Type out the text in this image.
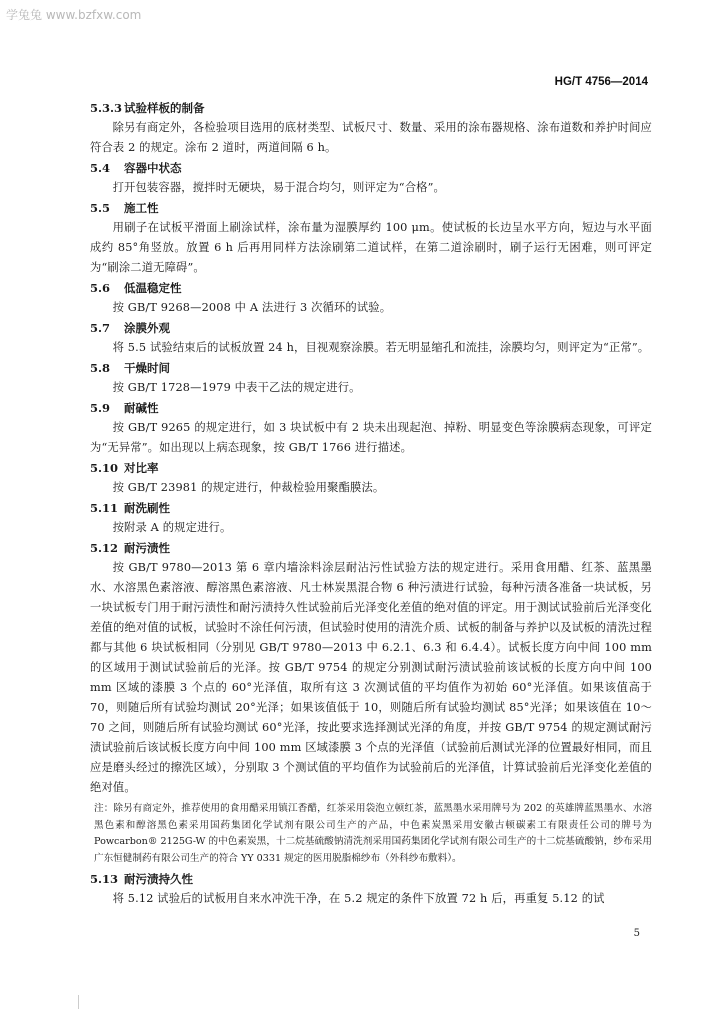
学兔兔 www.bzfxw.com
HG/T 4756—2014
5.3.3 试验样板的制备

除另有商定外，各检验项目选用的底材类型、试板尺寸、数量、采用的涂布器规格、涂布道数和养护时间应符合表 2 的规定。涂布 2 道时，两道间隔 6 h。

5.4 容器中状态

打开包装容器，搅拌时无硬块，易于混合均匀，则评定为“合格”。

5.5 施工性

用刷子在试板平滑面上刷涂试样，涂布量为湿膜厚约 100 μm。使试板的长边呈水平方向，短边与水平面成约 85°角竖放。放置 6 h 后再用同样方法涂刷第二道试样，在第二道涂刷时，刷子运行无困难，则可评定为“刷涂二道无障碍”。

5.6 低温稳定性

按 GB/T 9268—2008 中 A 法进行 3 次循环的试验。

5.7 涂膜外观

将 5.5 试验结束后的试板放置 24 h，目视观察涂膜。若无明显缩孔和流挂，涂膜均匀，则评定为“正常”。

5.8 干燥时间

按 GB/T 1728—1979 中表干乙法的规定进行。

5.9 耐碱性

按 GB/T 9265 的规定进行，如 3 块试板中有 2 块未出现起泡、掉粉、明显变色等涂膜病态现象，可评定为“无异常”。如出现以上病态现象，按 GB/T 1766 进行描述。

5.10 对比率

按 GB/T 23981 的规定进行，仲裁检验用聚酯膜法。

5.11 耐洗刷性

按附录 A 的规定进行。

5.12 耐污渍性

按 GB/T 9780—2013 第 6 章内墙涂料涂层耐沾污性试验方法的规定进行。采用食用醋、红茶、蓝黑墨水、水溶黑色素溶液、醇溶黑色素溶液、凡士林炭黑混合物 6 种污渍进行试验，每种污渍各准备一块试板，另一块试板专门用于耐污渍性和耐污渍持久性试验前后光泽变化差值的绝对值的评定。用于测试试验前后光泽变化差值的绝对值的试板，试验时不涂任何污渍，但试验时使用的清洗介质、试板的制备与养护以及试板的清洗过程都与其他 6 块试板相同（分别见 GB/T 9780—2013 中 6.2.1、6.3 和 6.4.4）。试板长度方向中间 100 mm 的区域用于测试试验前后的光泽。按 GB/T 9754 的规定分别测试耐污渍试验前该试板的长度方向中间 100 mm 区域的漆膜 3 个点的 60°光泽值，取所有这 3 次测试值的平均值作为初始 60°光泽值。如果该值高于 70，则随后所有试验均测试 20°光泽；如果该值低于 10，则随后所有试验均测试 85°光泽；如果该值在 10～70 之间，则随后所有试验均测试 60°光泽，按此要求选择测试光泽的角度，并按 GB/T 9754 的规定测试耐污渍试验前后该试板长度方向中间 100 mm 区域漆膜 3 个点的光泽值（试验前后测试光泽的位置最好相同，而且应是磨头经过的擦洗区域），分别取 3 个测试值的平均值作为试验前后的光泽值，计算试验前后光泽变化差值的绝对值。

注：除另有商定外，推荐使用的食用醋采用镇江香醋，红茶采用袋泡立顿红茶，蓝黑墨水采用牌号为 202 的英雄牌蓝黑墨水、水溶黑色素和醇溶黑色素采用国药集团化学试剂有限公司生产的产品，中色素炭黑采用安徽古顿碳素工有限责任公司的牌号为 Powcarbon® 2125G-W 的中色素炭黑，十二烷基硫酸钠清洗剂采用国药集团化学试剂有限公司生产的十二烷基硫酸钠，纱布采用广东恒健制药有限公司生产的符合 YY 0331 规定的医用脱脂棉纱布（外科纱布敷料）。
5.13 耐污渍持久性

将 5.12 试验后的试板用自来水冲洗干净，在 5.2 规定的条件下放置 72 h 后，再重复 5.12 的试

5
